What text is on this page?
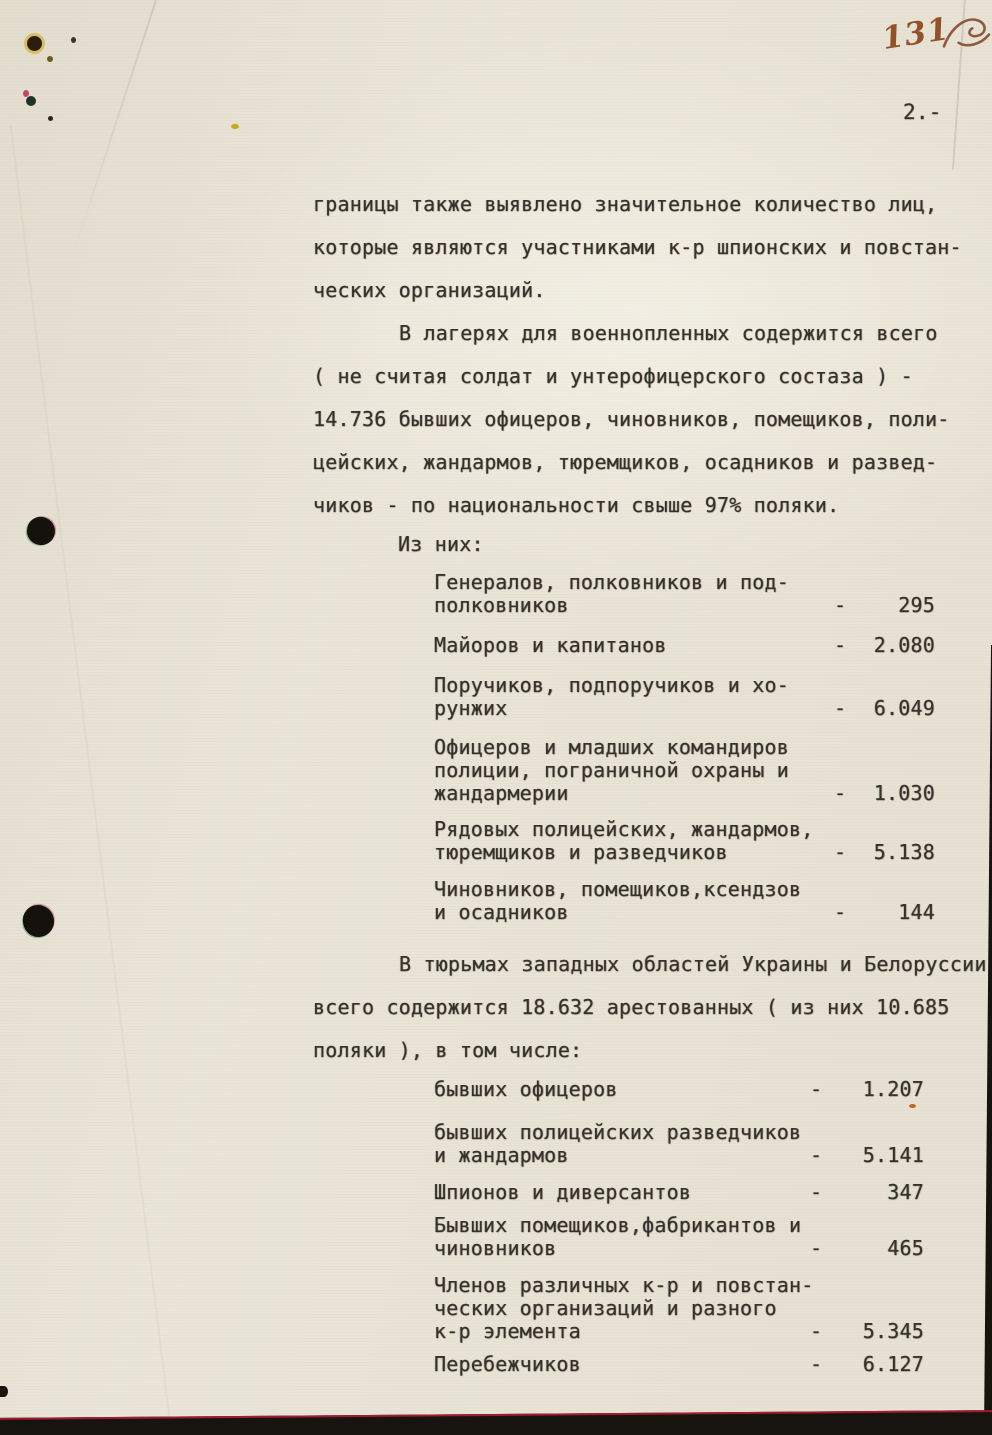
131
2.-
границы также выявлено значительное количество лиц,
которые являются участниками к-р шпионских и повстан-
ческих организаций.
В лагерях для военнопленных содержится всего
( не считая солдат и унтерофицерского состаза ) -
14.736 бывших офицеров, чиновников, помещиков, поли-
цейских, жандармов, тюремщиков, осадников и развед-
чиков - по национальности свыше 97% поляки.
Из них:
Генералов, полковников и под-
полковников	-	295
Майоров и капитанов	-	2.080
Поручиков, подпоручиков и хо-
рунжих	-	6.049
Офицеров и младших командиров
полиции, пограничной охраны и
жандармерии	-	1.030
Рядовых полицейских, жандармов,
тюремщиков и разведчиков	-	5.138
Чиновников, помещиков,ксендзов
и осадников	-	144
В тюрьмах западных областей Украины и Белоруссии
всего содержится 18.632 арестованных ( из них 10.685
поляки ), в том числе:
бывших офицеров	-	1.207
бывших полицейских разведчиков
и жандармов	-	5.141
Шпионов и диверсантов	-	347
Бывших помещиков,фабрикантов и
чиновников	-	465
Членов различных к-р и повстан-
ческих организаций и разного
к-р элемента	-	5.345
Перебежчиков	-	6.127
